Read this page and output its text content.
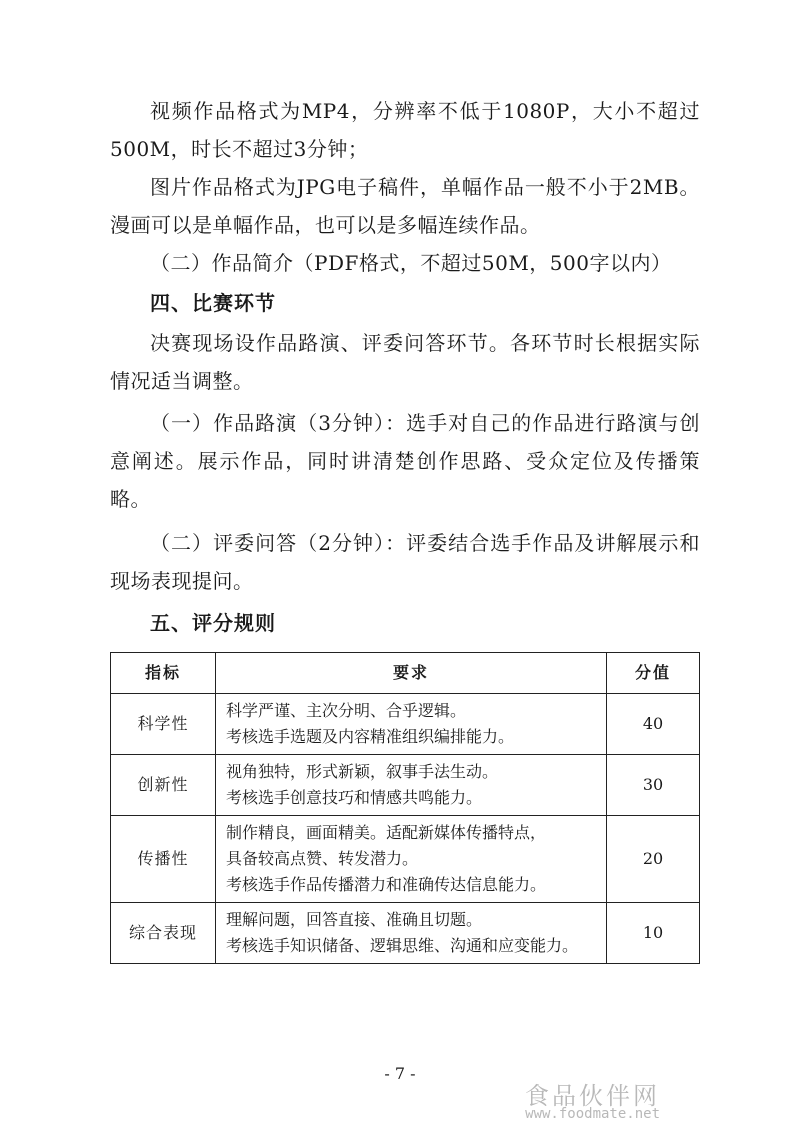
视频作品格式为MP4，分辨率不低于1080P，大小不超过500M，时长不超过3分钟；
图片作品格式为JPG电子稿件，单幅作品一般不小于2MB。漫画可以是单幅作品，也可以是多幅连续作品。
（二）作品简介（PDF格式，不超过50M，500字以内）
四、比赛环节
决赛现场设作品路演、评委问答环节。各环节时长根据实际情况适当调整。
（一）作品路演（3分钟）：选手对自己的作品进行路演与创意阐述。展示作品，同时讲清楚创作思路、受众定位及传播策略。
（二）评委问答（2分钟）：评委结合选手作品及讲解展示和现场表现提问。
五、评分规则
指标	要求	分值
科学性	科学严谨、主次分明、合乎逻辑。
考核选手选题及内容精准组织编排能力。	40
创新性	视角独特，形式新颖，叙事手法生动。
考核选手创意技巧和情感共鸣能力。	30
传播性	制作精良，画面精美。适配新媒体传播特点，
具备较高点赞、转发潜力。
考核选手作品传播潜力和准确传达信息能力。	20
综合表现	理解问题，回答直接、准确且切题。
考核选手知识储备、逻辑思维、沟通和应变能力。	10
- 7 -
食品伙伴网
www.foodmate.net
